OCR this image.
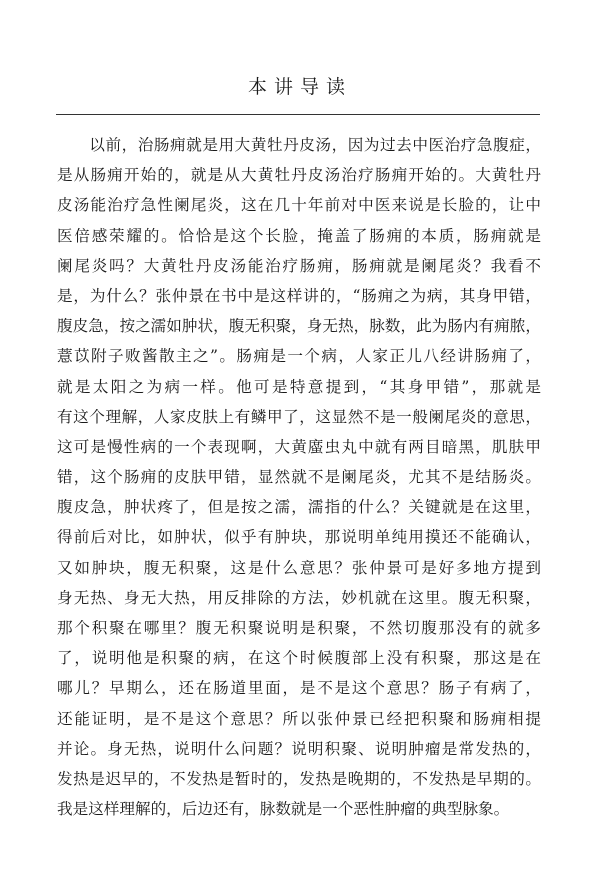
本讲导读
　　以前，治肠痈就是用大黄牡丹皮汤，因为过去中医治疗急腹症，
是从肠痈开始的，就是从大黄牡丹皮汤治疗肠痈开始的。大黄牡丹
皮汤能治疗急性阑尾炎，这在几十年前对中医来说是长脸的，让中
医倍感荣耀的。恰恰是这个长脸，掩盖了肠痈的本质，肠痈就是
阑尾炎吗？大黄牡丹皮汤能治疗肠痈，肠痈就是阑尾炎？我看不
是，为什么？张仲景在书中是这样讲的，“肠痈之为病，其身甲错，
腹皮急，按之濡如肿状，腹无积聚，身无热，脉数，此为肠内有痈脓，
薏苡附子败酱散主之”。肠痈是一个病，人家正儿八经讲肠痈了，
就是太阳之为病一样。他可是特意提到，“其身甲错”，那就是
有这个理解，人家皮肤上有鳞甲了，这显然不是一般阑尾炎的意思，
这可是慢性病的一个表现啊，大黄䗪虫丸中就有两目暗黑，肌肤甲
错，这个肠痈的皮肤甲错，显然就不是阑尾炎，尤其不是结肠炎。
腹皮急，肿状疼了，但是按之濡，濡指的什么？关键就是在这里，
得前后对比，如肿状，似乎有肿块，那说明单纯用摸还不能确认，
又如肿块，腹无积聚，这是什么意思？张仲景可是好多地方提到
身无热、身无大热，用反排除的方法，妙机就在这里。腹无积聚，
那个积聚在哪里？腹无积聚说明是积聚，不然切腹那没有的就多
了，说明他是积聚的病，在这个时候腹部上没有积聚，那这是在
哪儿？早期么，还在肠道里面，是不是这个意思？肠子有病了，
还能证明，是不是这个意思？所以张仲景已经把积聚和肠痈相提
并论。身无热，说明什么问题？说明积聚、说明肿瘤是常发热的，
发热是迟早的，不发热是暂时的，发热是晚期的，不发热是早期的。
我是这样理解的，后边还有，脉数就是一个恶性肿瘤的典型脉象。
